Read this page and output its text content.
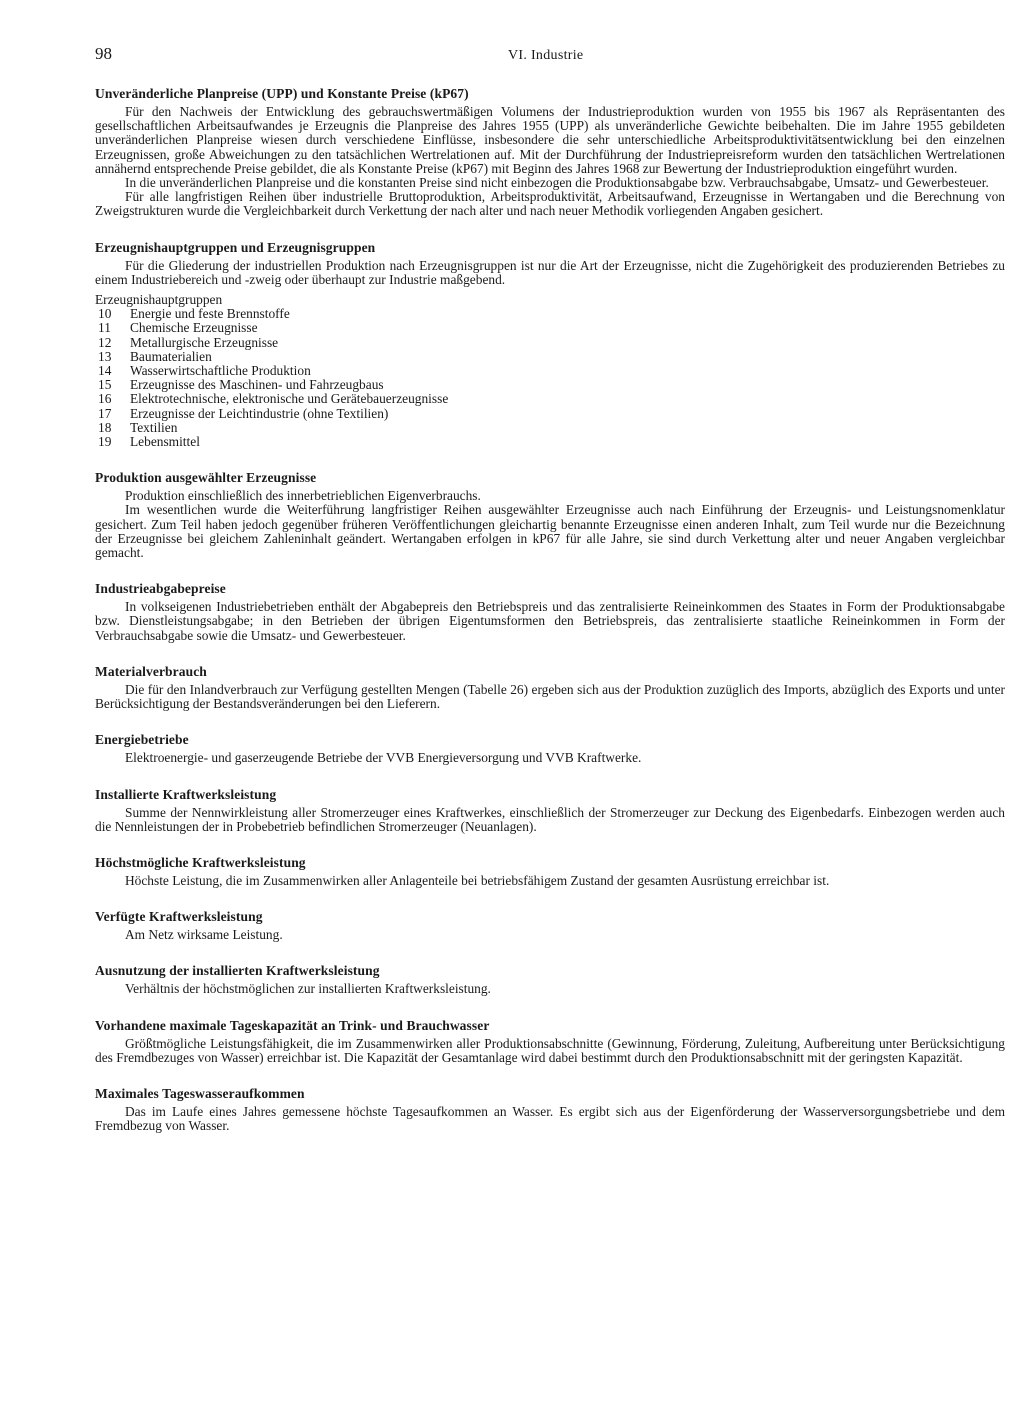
98	VI. Industrie
Unveränderliche Planpreise (UPP) und Konstante Preise (kP67)

Für den Nachweis der Entwicklung des gebrauchswertmäßigen Volumens der Industrieproduktion wurden von 1955 bis 1967 als Repräsentanten des gesellschaftlichen Arbeitsaufwandes je Erzeugnis die Planpreise des Jahres 1955 (UPP) als unveränderliche Gewichte beibehalten. Die im Jahre 1955 gebildeten unveränderlichen Planpreise wiesen durch verschiedene Einflüsse, insbesondere die sehr unterschiedliche Arbeitsproduktivitätsentwicklung bei den einzelnen Erzeugnissen, große Abweichungen zu den tatsächlichen Wertrelationen auf. Mit der Durchführung der Industriepreisreform wurden den tatsächlichen Wertrelationen annähernd entsprechende Preise gebildet, die als Konstante Preise (kP67) mit Beginn des Jahres 1968 zur Bewertung der Industrieproduktion eingeführt wurden.

In die unveränderlichen Planpreise und die konstanten Preise sind nicht einbezogen die Produktionsabgabe bzw. Verbrauchsabgabe, Umsatz- und Gewerbesteuer.

Für alle langfristigen Reihen über industrielle Bruttoproduktion, Arbeitsproduktivität, Arbeitsaufwand, Erzeugnisse in Wertangaben und die Berechnung von Zweigstrukturen wurde die Vergleichbarkeit durch Verkettung der nach alter und nach neuer Methodik vorliegenden Angaben gesichert.

Erzeugnishauptgruppen und Erzeugnisgruppen

Für die Gliederung der industriellen Produktion nach Erzeugnisgruppen ist nur die Art der Erzeugnisse, nicht die Zugehörigkeit des produzierenden Betriebes zu einem Industriebereich und -zweig oder überhaupt zur Industrie maßgebend.

Erzeugnishauptgruppen
10 Energie und feste Brennstoffe
11 Chemische Erzeugnisse
12 Metallurgische Erzeugnisse
13 Baumaterialien
14 Wasserwirtschaftliche Produktion
15 Erzeugnisse des Maschinen- und Fahrzeugbaus
16 Elektrotechnische, elektronische und Gerätebauerzeugnisse
17 Erzeugnisse der Leichtindustrie (ohne Textilien)
18 Textilien
19 Lebensmittel
Produktion ausgewählter Erzeugnisse

Produktion einschließlich des innerbetrieblichen Eigenverbrauchs.

Im wesentlichen wurde die Weiterführung langfristiger Reihen ausgewählter Erzeugnisse auch nach Einführung der Erzeugnis- und Leistungsnomenklatur gesichert. Zum Teil haben jedoch gegenüber früheren Veröffentlichungen gleichartig benannte Erzeugnisse einen anderen Inhalt, zum Teil wurde nur die Bezeichnung der Erzeugnisse bei gleichem Zahleninhalt geändert. Wertangaben erfolgen in kP67 für alle Jahre, sie sind durch Verkettung alter und neuer Angaben vergleichbar gemacht.

Industrieabgabepreise

In volkseigenen Industriebetrieben enthält der Abgabepreis den Betriebspreis und das zentralisierte Reineinkommen des Staates in Form der Produktionsabgabe bzw. Dienstleistungsabgabe; in den Betrieben der übrigen Eigentumsformen den Betriebspreis, das zentralisierte staatliche Reineinkommen in Form der Verbrauchsabgabe sowie die Umsatz- und Gewerbesteuer.

Materialverbrauch

Die für den Inlandverbrauch zur Verfügung gestellten Mengen (Tabelle 26) ergeben sich aus der Produktion zuzüglich des Imports, abzüglich des Exports und unter Berücksichtigung der Bestandsveränderungen bei den Lieferern.

Energiebetriebe

Elektroenergie- und gaserzeugende Betriebe der VVB Energieversorgung und VVB Kraftwerke.

Installierte Kraftwerksleistung

Summe der Nennwirkleistung aller Stromerzeuger eines Kraftwerkes, einschließlich der Stromerzeuger zur Deckung des Eigenbedarfs. Einbezogen werden auch die Nennleistungen der in Probebetrieb befindlichen Stromerzeuger (Neuanlagen).

Höchstmögliche Kraftwerksleistung

Höchste Leistung, die im Zusammenwirken aller Anlagenteile bei betriebsfähigem Zustand der gesamten Ausrüstung erreichbar ist.

Verfügte Kraftwerksleistung

Am Netz wirksame Leistung.

Ausnutzung der installierten Kraftwerksleistung

Verhältnis der höchstmöglichen zur installierten Kraftwerksleistung.

Vorhandene maximale Tageskapazität an Trink- und Brauchwasser

Größtmögliche Leistungsfähigkeit, die im Zusammenwirken aller Produktionsabschnitte (Gewinnung, Förderung, Zuleitung, Aufbereitung unter Berücksichtigung des Fremdbezuges von Wasser) erreichbar ist. Die Kapazität der Gesamtanlage wird dabei bestimmt durch den Produktionsabschnitt mit der geringsten Kapazität.

Maximales Tageswasseraufkommen

Das im Laufe eines Jahres gemessene höchste Tagesaufkommen an Wasser. Es ergibt sich aus der Eigenförderung der Wasserversorgungsbetriebe und dem Fremdbezug von Wasser.
